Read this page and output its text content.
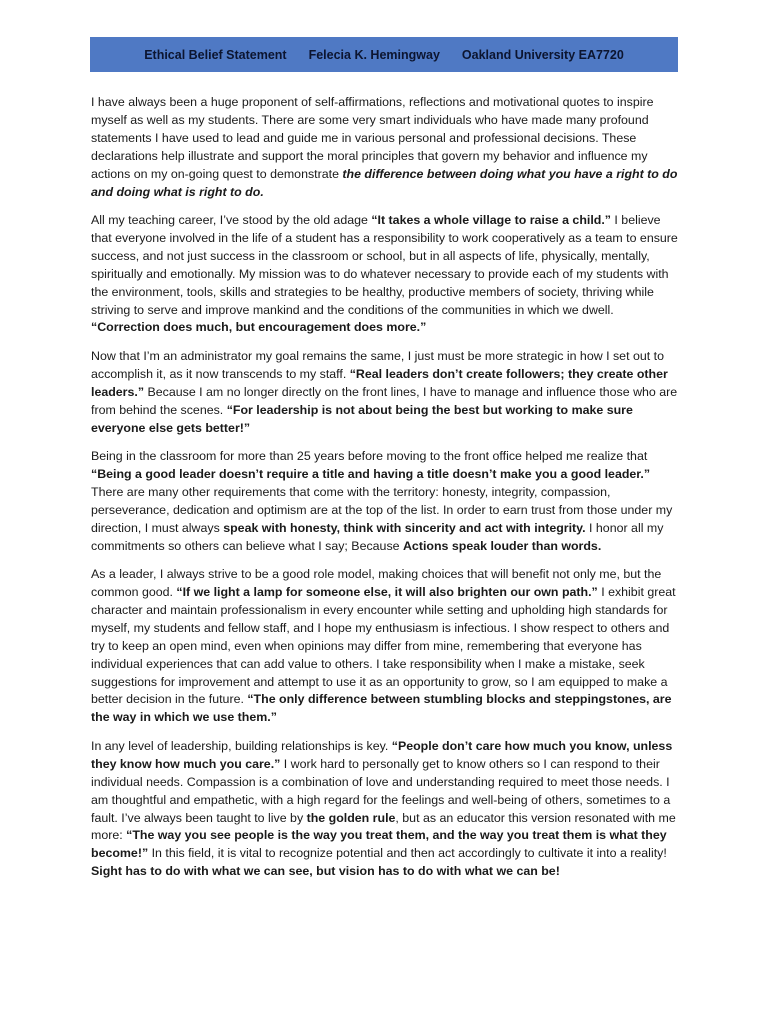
Ethical Belief Statement Felecia K. Hemingway Oakland University EA7720

I have always been a huge proponent of self-affirmations, reflections and motivational quotes to inspire myself as well as my students. There are some very smart individuals who have made many profound statements I have used to lead and guide me in various personal and professional decisions. These declarations help illustrate and support the moral principles that govern my behavior and influence my actions on my on-going quest to demonstrate the difference between doing what you have a right to do and doing what is right to do.

All my teaching career, I’ve stood by the old adage “It takes a whole village to raise a child.” I believe that everyone involved in the life of a student has a responsibility to work cooperatively as a team to ensure success, and not just success in the classroom or school, but in all aspects of life, physically, mentally, spiritually and emotionally. My mission was to do whatever necessary to provide each of my students with the environment, tools, skills and strategies to be healthy, productive members of society, thriving while striving to serve and improve mankind and the conditions of the communities in which we dwell. “Correction does much, but encouragement does more.”

Now that I’m an administrator my goal remains the same, I just must be more strategic in how I set out to accomplish it, as it now transcends to my staff. “Real leaders don’t create followers; they create other leaders.” Because I am no longer directly on the front lines, I have to manage and influence those who are from behind the scenes. “For leadership is not about being the best but working to make sure everyone else gets better!”

Being in the classroom for more than 25 years before moving to the front office helped me realize that “Being a good leader doesn’t require a title and having a title doesn’t make you a good leader.” There are many other requirements that come with the territory: honesty, integrity, compassion, perseverance, dedication and optimism are at the top of the list. In order to earn trust from those under my direction, I must always speak with honesty, think with sincerity and act with integrity. I honor all my commitments so others can believe what I say; Because Actions speak louder than words.

As a leader, I always strive to be a good role model, making choices that will benefit not only me, but the common good. “If we light a lamp for someone else, it will also brighten our own path.” I exhibit great character and maintain professionalism in every encounter while setting and upholding high standards for myself, my students and fellow staff, and I hope my enthusiasm is infectious. I show respect to others and try to keep an open mind, even when opinions may differ from mine, remembering that everyone has individual experiences that can add value to others. I take responsibility when I make a mistake, seek suggestions for improvement and attempt to use it as an opportunity to grow, so I am equipped to make a better decision in the future. “The only difference between stumbling blocks and steppingstones, are the way in which we use them.”

In any level of leadership, building relationships is key. “People don’t care how much you know, unless they know how much you care.” I work hard to personally get to know others so I can respond to their individual needs. Compassion is a combination of love and understanding required to meet those needs. I am thoughtful and empathetic, with a high regard for the feelings and well-being of others, sometimes to a fault. I’ve always been taught to live by the golden rule, but as an educator this version resonated with me more: “The way you see people is the way you treat them, and the way you treat them is what they become!” In this field, it is vital to recognize potential and then act accordingly to cultivate it into a reality! Sight has to do with what we can see, but vision has to do with what we can be!
